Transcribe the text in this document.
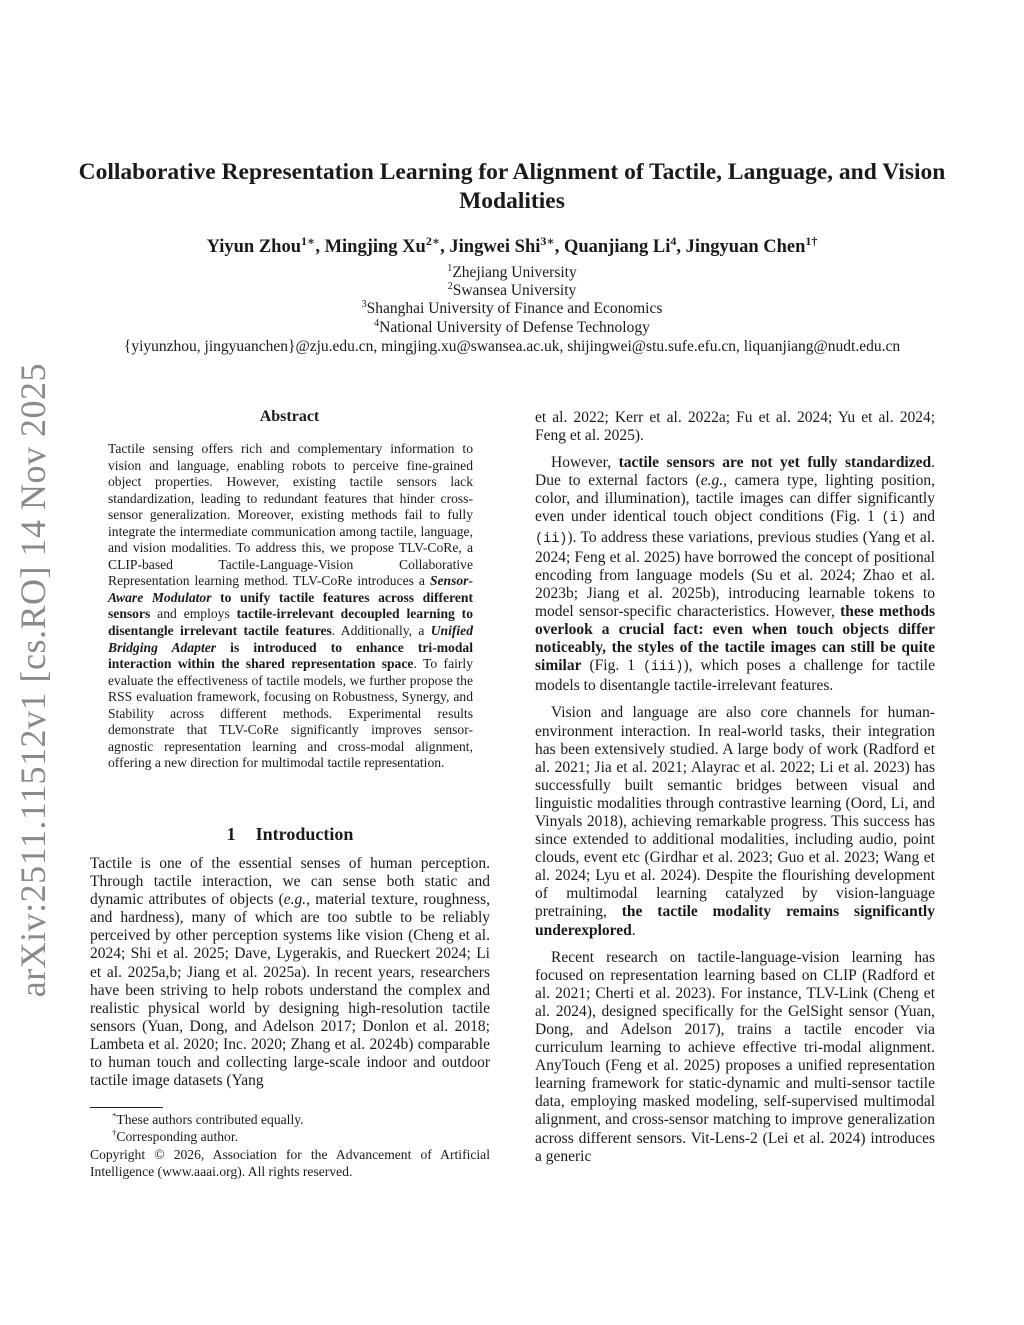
arXiv:2511.11512v1 [cs.RO] 14 Nov 2025
Collaborative Representation Learning for Alignment of Tactile, Language, and Vision Modalities
Yiyun Zhou$^{1∗}$, Mingjing $Xu^{2∗}$, Jingwei Shi$^{3∗}$, Quanjiang Li$^4$, Jingyuan Chen$^{1\dagger}$
$^1$Zhejiang University
$^2$Swansea University
$^3$Shanghai University of Finance and Economics
$^4$National University of Defense Technology
{yiyunzhou, jingyuanchen}@zju.edu.cn, mingjing.xu@swansea.ac.uk, shijingwei@stu.sufe.efu.cn, liquanjiang@nudt.edu.cn
Abstract

Tactile sensing offers rich and complementary information to vision and language, enabling robots to perceive fine-grained object properties. However, existing tactile sensors lack standardization, leading to redundant features that hinder cross-sensor generalization. Moreover, existing methods fail to fully integrate the intermediate communication among tactile, language, and vision modalities. To address this, we propose TLV-CoRe, a CLIP-based Tactile-Language-Vision Collaborative Representation learning method. TLV-CoRe introduces a Sensor-Aware Modulator to unify tactile features across different sensors and employs tactile-irrelevant decoupled learning to disentangle irrelevant tactile features. Additionally, a Unified Bridging Adapter is introduced to enhance tri-modal interaction within the shared representation space. To fairly evaluate the effectiveness of tactile models, we further propose the RSS evaluation framework, focusing on Robustness, Synergy, and Stability across different methods. Experimental results demonstrate that TLV-CoRe significantly improves sensor-agnostic representation learning and cross-modal alignment, offering a new direction for multimodal tactile representation.

1 Introduction

Tactile is one of the essential senses of human perception. Through tactile interaction, we can sense both static and dynamic attributes of objects (e.g., material texture, roughness, and hardness), many of which are too subtle to be reliably perceived by other perception systems like vision (Cheng et al. 2024; Shi et al. 2025; Dave, Lygerakis, and Rueckert 2024; Li et al. 2025a,b; Jiang et al. 2025a). In recent years, researchers have been striving to help robots understand the complex and realistic physical world by designing high-resolution tactile sensors (Yuan, Dong, and Adelson 2017; Donlon et al. 2018; Lambeta et al. 2020; Inc. 2020; Zhang et al. 2024b) comparable to human touch and collecting large-scale indoor and outdoor tactile image datasets (Yang

*These authors contributed equally.

†Corresponding author.

Copyright © 2026, Association for the Advancement of Artificial Intelligence (www.aaai.org). All rights reserved.

et al. 2022; Kerr et al. 2022a; Fu et al. 2024; Yu et al. 2024; Feng et al. 2025).

However, tactile sensors are not yet fully standardized. Due to external factors (e.g., camera type, lighting position, color, and illumination), tactile images can differ significantly even under identical touch object conditions (Fig. 1 (i) and (ii)). To address these variations, previous studies (Yang et al. 2024; Feng et al. 2025) have borrowed the concept of positional encoding from language models (Su et al. 2024; Zhao et al. 2023b; Jiang et al. 2025b), introducing learnable tokens to model sensor-specific characteristics. However, these methods overlook a crucial fact: even when touch objects differ noticeably, the styles of the tactile images can still be quite similar (Fig. 1 (iii)), which poses a challenge for tactile models to disentangle tactile-irrelevant features.

Vision and language are also core channels for human-environment interaction. In real-world tasks, their integration has been extensively studied. A large body of work (Radford et al. 2021; Jia et al. 2021; Alayrac et al. 2022; Li et al. 2023) has successfully built semantic bridges between visual and linguistic modalities through contrastive learning (Oord, Li, and Vinyals 2018), achieving remarkable progress. This success has since extended to additional modalities, including audio, point clouds, event etc (Girdhar et al. 2023; Guo et al. 2023; Wang et al. 2024; Lyu et al. 2024). Despite the flourishing development of multimodal learning catalyzed by vision-language pretraining, the tactile modality remains significantly underexplored.

Recent research on tactile-language-vision learning has focused on representation learning based on CLIP (Radford et al. 2021; Cherti et al. 2023). For instance, TLV-Link (Cheng et al. 2024), designed specifically for the GelSight sensor (Yuan, Dong, and Adelson 2017), trains a tactile encoder via curriculum learning to achieve effective tri-modal alignment. AnyTouch (Feng et al. 2025) proposes a unified representation learning framework for static-dynamic and multi-sensor tactile data, employing masked modeling, self-supervised multimodal alignment, and cross-sensor matching to improve generalization across different sensors. Vit-Lens-2 (Lei et al. 2024) introduces a generic
